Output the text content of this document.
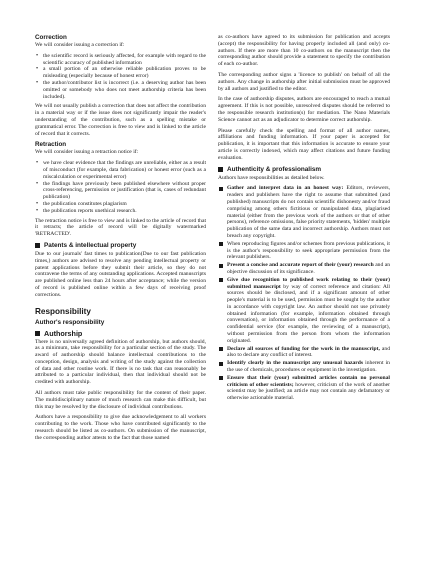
Correction

We will consider issuing a correction if:

• the scientific record is seriously affected, for example with regard to the scientific accuracy of published information
• a small portion of an otherwise reliable publication proves to be misleading (especially because of honest error)
• the author/contributor list is incorrect (i.e. a deserving author has been omitted or somebody who does not meet authorship criteria has been included).

We will not usually publish a correction that does not affect the contribution in a material way or if the issue does not significantly impair the reader's understanding of the contribution, such as a spelling mistake or grammatical error. The correction is free to view and is linked to the article of record that it corrects.

Retraction

We will consider issuing a retraction notice if:

• we have clear evidence that the findings are unreliable, either as a result of misconduct (for example, data fabrication) or honest error (such as a miscalculation or experimental error)
• the findings have previously been published elsewhere without proper cross-referencing, permission or justification (that is, cases of redundant publication)
• the publication constitutes plagiarism
• the publication reports unethical research.

The retraction notice is free to view and is linked to the article of record that it retracts; the article of record will be digitally watermarked 'RETRACTED'.

Patents & intellectual property

Due to our journals' fast times to publication(Due to our fast publication times,) authors are advised to resolve any pending intellectual property or patent applications before they submit their article, so they do not contravene the terms of any outstanding applications. Accepted manuscripts are published online less than 24 hours after acceptance; while the version of record is published online within a few days of receiving proof corrections.

Responsibility
Author's responsibility
Authorship

There is no universally agreed definition of authorship, but authors should, as a minimum, take responsibility for a particular section of the study. The award of authorship should balance intellectual contributions to the conception, design, analysis and writing of the study against the collection of data and other routine work. If there is no task that can reasonably be attributed to a particular individual, then that individual should not be credited with authorship.

All authors must take public responsibility for the content of their paper. The multidisciplinary nature of much research can make this difficult, but this may be resolved by the disclosure of individual contributions.

Authors have a responsibility to give due acknowledgement to all workers contributing to the work. Those who have contributed significantly to the research should be listed as co-authors. On submission of the manuscript, the corresponding author attests to the fact that those named

as co-authors have agreed to its submission for publication and accepts (accept) the responsibility for having properly included all (and only) co-authors. If there are more than 10 co-authors on the manuscript then the corresponding author should provide a statement to specify the contribution of each co-author.

The corresponding author signs a 'licence to publish' on behalf of all the authors. Any change in authorship after initial submission must be approved by all authors and justified to the editor.

In the case of authorship disputes, authors are encouraged to reach a mutual agreement. If this is not possible, unresolved disputes should be referred to the responsible research institution(s) for mediation. The Nano Materials Science cannot act as an adjudicator to determine correct authorship.

Please carefully check the spelling and format of all author names, affiliations and funding information. If your paper is accepted for publication, it is important that this information is accurate to ensure your article is correctly indexed, which may affect citations and future funding evaluation.

Authenticity & professionalism

Authors have responsibilities as detailed below.

Gather and interpret data in an honest way: Editors, reviewers, readers and publishers have the right to assume that submitted (and published) manuscripts do not contain scientific dishonesty and/or fraud comprising among others fictitious or manipulated data, plagiarised material (either from the previous work of the authors or that of other persons), reference omissions, false priority statements, 'hidden' multiple publication of the same data and incorrect authorship. Authors must not breach any copyright.
When reproducing figures and/or schemes from previous publications, it is the author's responsibility to seek appropriate permission from the relevant publishers.
Present a concise and accurate report of their (your) research and an objective discussion of its significance.
Give due recognition to published work relating to their (your) submitted manuscript by way of correct reference and citation: All sources should be disclosed, and if a significant amount of other people's material is to be used, permission must be sought by the author in accordance with copyright law. An author should not use privately obtained information (for example, information obtained through conversation), or information obtained through the performance of a confidential service (for example, the reviewing of a manuscript), without permission from the person from whom the information originated.
Declare all sources of funding for the work in the manuscript, and also to declare any conflict of interest.
Identify clearly in the manuscript any unusual hazards inherent in the use of chemicals, procedures or equipment in the investigation.
Ensure that their (your) submitted articles contain no personal criticism of other scientists; however, criticism of the work of another scientist may be justified; an article may not contain any defamatory or otherwise actionable material.
